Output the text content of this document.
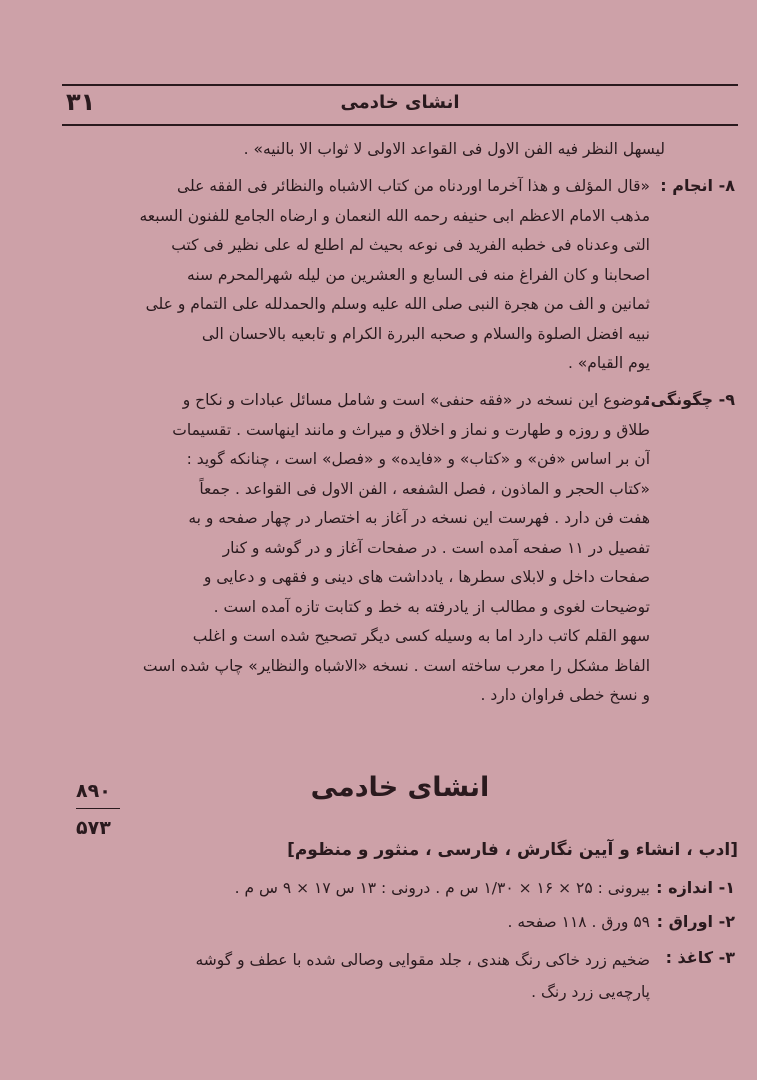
۳۱	انشای خادمی
لیسهل النظر فیه الفن الاول فی القواعد الاولی لا ثواب الا بالنیه» .
۸- انجام :
«قال المؤلف و هذا آخرما اوردناه من کتاب الاشباه والنظائر فی الفقه علی
مذهب الامام الاعظم ابی حنیفه رحمه الله النعمان و ارضاه الجامع للفنون السبعه
التی وعدناه فی خطبه الفرید فی نوعه بحیث لم اطلع له علی نظیر فی کتب
اصحابنا و کان الفراغ منه فی السابع و العشرین من لیله شهرالمحرم سنه
ثمانین و الف من هجرة النبی صلی الله علیه وسلم والحمدلله علی التمام و علی
نبیه افضل الصلوة والسلام و صحبه البررة الکرام و تابعیه بالاحسان الی
یوم القیام» .
۹- چگونگی:
موضوع این نسخه در «فقه حنفی» است و شامل مسائل عبادات و نکاح و
طلاق و روزه و طهارت و نماز و اخلاق و میراث و مانند اینهاست . تقسیمات
آن بر اساس «فن» و «کتاب» و «فایده» و «فصل» است ، چنانکه گوید :
«کتاب الحجر و الماذون ، فصل الشفعه ، الفن الاول فی القواعد . جمعاً
هفت فن دارد . فهرست این نسخه در آغاز به اختصار در چهار صفحه و به
تفصیل در ۱۱ صفحه آمده است . در صفحات آغاز و در گوشه و کنار
صفحات داخل و لابلای سطرها ، یادداشت های دینی و فقهی و دعایی و
توضیحات لغوی و مطالب از یادرفته به خط و کتابت تازه آمده است .
سهو القلم کاتب دارد اما به وسیله کسی دیگر تصحیح شده است و اغلب
الفاظ مشکل را معرب ساخته است . نسخه «الاشباه والنظایر» چاپ شده است
و نسخ خطی فراوان دارد .
۸۹۰
۵۷۳
انشای خادمی
[ادب ، انشاء و آیین نگارش ، فارسی ، منثور و منظوم]
۱- اندازه :
بیرونی : ۲۵ × ۱۶ × ۱/۳۰ س م . درونی : ۱۳ س ۱۷ × ۹ س م .
۲- اوراق :
۵۹ ورق . ۱۱۸ صفحه .
۳- کاغذ :
ضخیم زرد خاکی رنگ هندی ، جلد مقوایی وصالی شده با عطف و گوشه
پارچه‌یی زرد رنگ .
